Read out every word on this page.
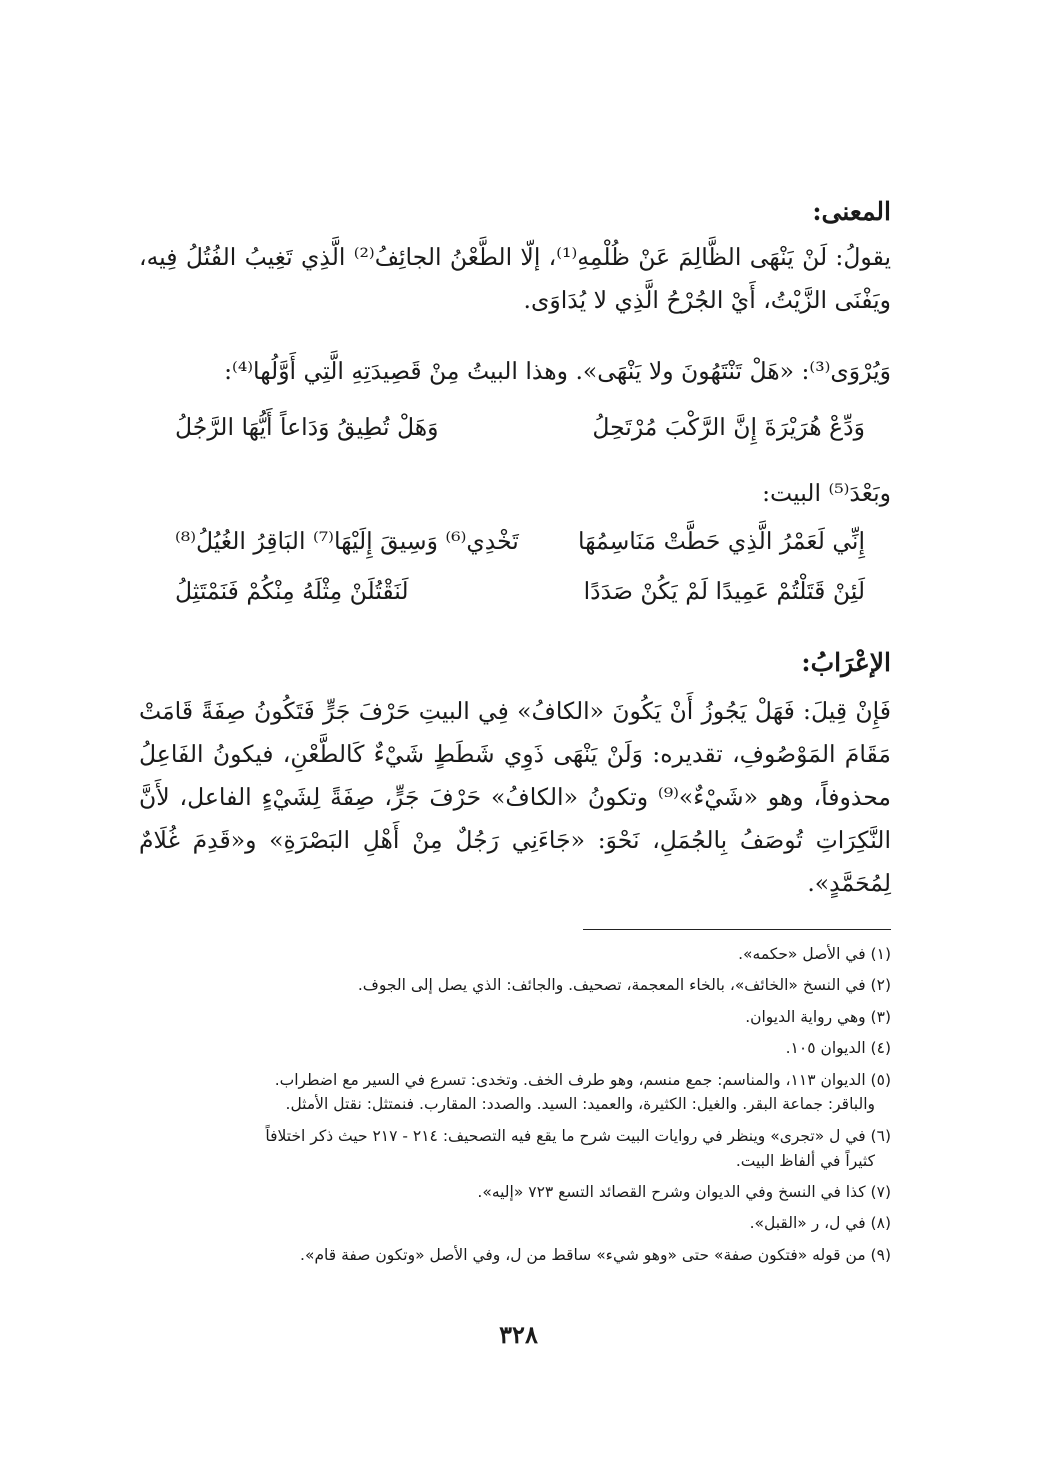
المعنى:
يقولُ: لَنْ يَنْهَى الظَّالِمَ عَنْ ظُلْمِهِ⁽¹⁾، إلّا الطَّعْنُ الجائِفُ⁽²⁾ الَّذِي تَغِيبُ الفُتُلُ فِيه، ويَفْنَى الزَّيْتُ، أَيْ الجُرْحُ الَّذِي لا يُدَاوَى.
وَيُرْوَى⁽³⁾: «هَلْ تَنْتَهُونَ ولا يَنْهَى». وهذا البيتُ مِنْ قَصِيدَتِهِ الَّتِي أَوَّلُها⁽⁴⁾:
وَدِّعْ هُرَيْرَةَ إِنَّ الرَّكْبَ مُرْتَحِلُ
وَهَلْ تُطِيقُ وَدَاعاً أَيُّهَا الرَّجُلُ
وبَعْدَ⁽⁵⁾ البيت:
إِنِّي لَعَمْرُ الَّذِي حَطَّتْ مَنَاسِمُهَا
تَخْدِي⁽⁶⁾ وَسِيقَ إِلَيْهَا⁽⁷⁾ البَاقِرُ الغُيُلُ⁽⁸⁾
لَئِنْ قَتَلْتُمْ عَمِيدًا لَمْ يَكُنْ صَدَدًا
لَنَقْتُلَنْ مِثْلَهُ مِنْكُمْ فَنَمْتَثِلُ
الإعْرَابُ:
فَإِنْ قِيلَ: فَهَلْ يَجُوزُ أَنْ يَكُونَ «الكافُ» فِي البيتِ حَرْفَ جَرٍّ فَتَكُونُ صِفَةً قَامَتْ مَقَامَ المَوْصُوفِ، تقديره: وَلَنْ يَنْهَى ذَوِي شَطَطٍ شَيْءٌ كَالطَّعْنِ، فيكونُ الفَاعِلُ محذوفاً، وهو «شَيْءٌ»⁽⁹⁾ وتكونُ «الكافُ» حَرْفَ جَرٍّ، صِفَةً لِشَيْءٍ الفاعل، لأَنَّ النَّكِرَاتِ تُوصَفُ بِالجُمَلِ، نَحْوَ: «جَاءَنِي رَجُلٌ مِنْ أَهْلِ البَصْرَةِ» و«قَدِمَ غُلَامٌ لِمُحَمَّدٍ».
(١) في الأصل «حكمه».
(٢) في النسخ «الخائف»، بالخاء المعجمة، تصحيف. والجائف: الذي يصل إلى الجوف.
(٣) وهي رواية الديوان.
(٤) الديوان ١٠٥.
(٥) الديوان ١١٣، والمناسم: جمع منسم، وهو طرف الخف. وتخدى: تسرع في السير مع اضطراب.
والباقر: جماعة البقر. والغيل: الكثيرة، والعميد: السيد. والصدد: المقارب. فنمتثل: نقتل الأمثل.
(٦) في ل «تجرى» وينظر في روايات البيت شرح ما يقع فيه التصحيف: ٢١٤ - ٢١٧ حيث ذكر اختلافاً
كثيراً في ألفاظ البيت.
(٧) كذا في النسخ وفي الديوان وشرح القصائد التسع ٧٢٣ «إليه».
(٨) في ل، ر «القبل».
(٩) من قوله «فتكون صفة» حتى «وهو شيء» ساقط من ل، وفي الأصل «وتكون صفة قام».
٣٢٨
